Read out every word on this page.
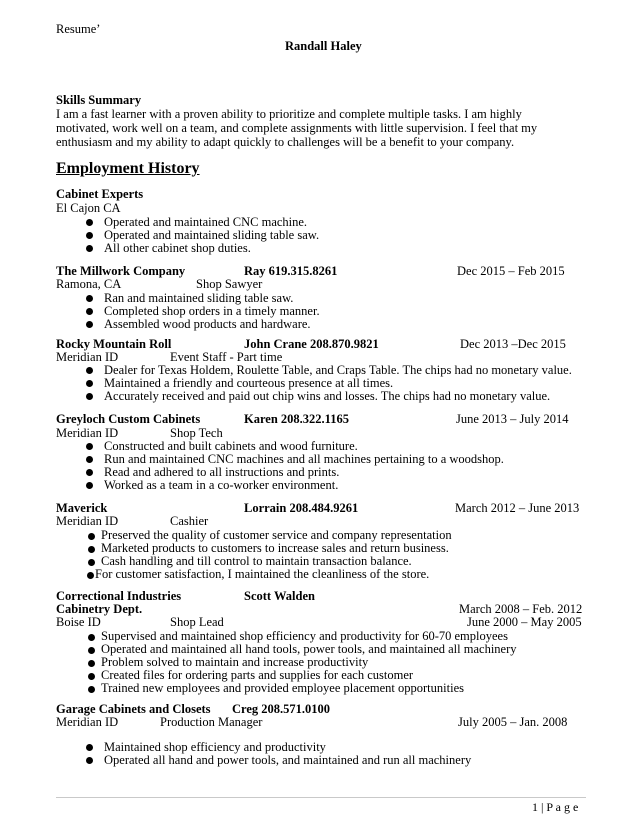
Resume’
Randall Haley
Skills Summary
I am a fast learner with a proven ability to prioritize and complete multiple tasks. I am highly
motivated, work well on a team, and complete assignments with little supervision. I feel that my
enthusiasm and my ability to adapt quickly to challenges will be a benefit to your company.
Employment History
Cabinet Experts
El Cajon CA
Operated and maintained CNC machine.
Operated and maintained sliding table saw.
All other cabinet shop duties.
The Millwork Company	Ray 619.315.8261	Dec 2015 – Feb 2015
Ramona, CA	Shop Sawyer
Ran and maintained sliding table saw.
Completed shop orders in a timely manner.
Assembled wood products and hardware.
Rocky Mountain Roll	John Crane 208.870.9821	Dec 2013 –Dec 2015
Meridian ID	Event Staff - Part time
Dealer for Texas Holdem, Roulette Table, and Craps Table. The chips had no monetary value.
Maintained a friendly and courteous presence at all times.
Accurately received and paid out chip wins and losses. The chips had no monetary value.
Greyloch Custom Cabinets	Karen 208.322.1165	June 2013 – July 2014
Meridian ID	Shop Tech
Constructed and built cabinets and wood furniture.
Run and maintained CNC machines and all machines pertaining to a woodshop.
Read and adhered to all instructions and prints.
Worked as a team in a co-worker environment.
Maverick	Lorrain 208.484.9261	March 2012 – June 2013
Meridian ID	Cashier
Preserved the quality of customer service and company representation
Marketed products to customers to increase sales and return business.
Cash handling and till control to maintain transaction balance.
For customer satisfaction, I maintained the cleanliness of the store.
Correctional Industries	Scott Walden
Cabinetry Dept.	March 2008 – Feb. 2012
Boise ID	Shop Lead	June 2000 – May 2005
Supervised and maintained shop efficiency and productivity for 60-70 employees
Operated and maintained all hand tools, power tools, and maintained all machinery
Problem solved to maintain and increase productivity
Created files for ordering parts and supplies for each customer
Trained new employees and provided employee placement opportunities
Garage Cabinets and Closets Creg 208.571.0100
Meridian ID	Production Manager	July 2005 – Jan. 2008
Maintained shop efficiency and productivity
Operated all hand and power tools, and maintained and run all machinery
1 | P a g e
